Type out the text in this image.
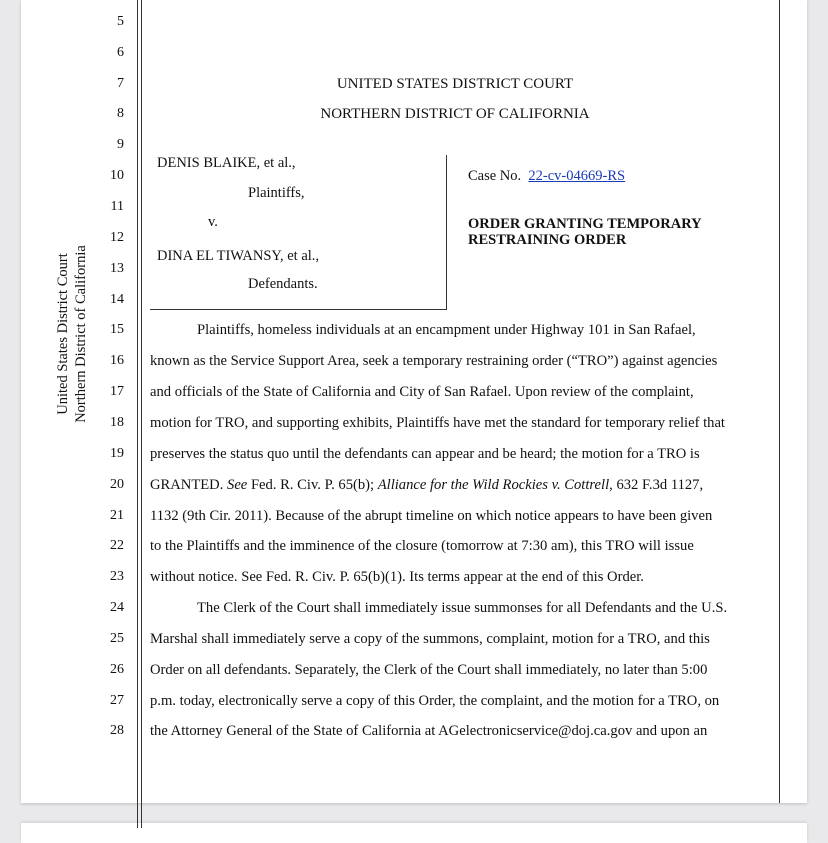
United States District Court Northern District of California
5
6
7
8
9
10
11
12
13
14
15
16
17
18
19
20
21
22
23
24
25
26
27
28
UNITED STATES DISTRICT COURT
NORTHERN DISTRICT OF CALIFORNIA
DENIS BLAIKE, et al.,
Plaintiffs,
v.
DINA EL TIWANSY, et al.,
Defendants.
Case No. 22-cv-04669-RS
ORDER GRANTING TEMPORARY
RESTRAINING ORDER
Plaintiffs, homeless individuals at an encampment under Highway 101 in San Rafael,
known as the Service Support Area, seek a temporary restraining order (“TRO”) against agencies
and officials of the State of California and City of San Rafael. Upon review of the complaint,
motion for TRO, and supporting exhibits, Plaintiffs have met the standard for temporary relief that
preserves the status quo until the defendants can appear and be heard; the motion for a TRO is
GRANTED. See Fed. R. Civ. P. 65(b); Alliance for the Wild Rockies v. Cottrell, 632 F.3d 1127,
1132 (9th Cir. 2011). Because of the abrupt timeline on which notice appears to have been given
to the Plaintiffs and the imminence of the closure (tomorrow at 7:30 am), this TRO will issue
without notice. See Fed. R. Civ. P. 65(b)(1). Its terms appear at the end of this Order.
The Clerk of the Court shall immediately issue summonses for all Defendants and the U.S.
Marshal shall immediately serve a copy of the summons, complaint, motion for a TRO, and this
Order on all defendants. Separately, the Clerk of the Court shall immediately, no later than 5:00
p.m. today, electronically serve a copy of this Order, the complaint, and the motion for a TRO, on
the Attorney General of the State of California at AGelectronicservice@doj.ca.gov and upon an
